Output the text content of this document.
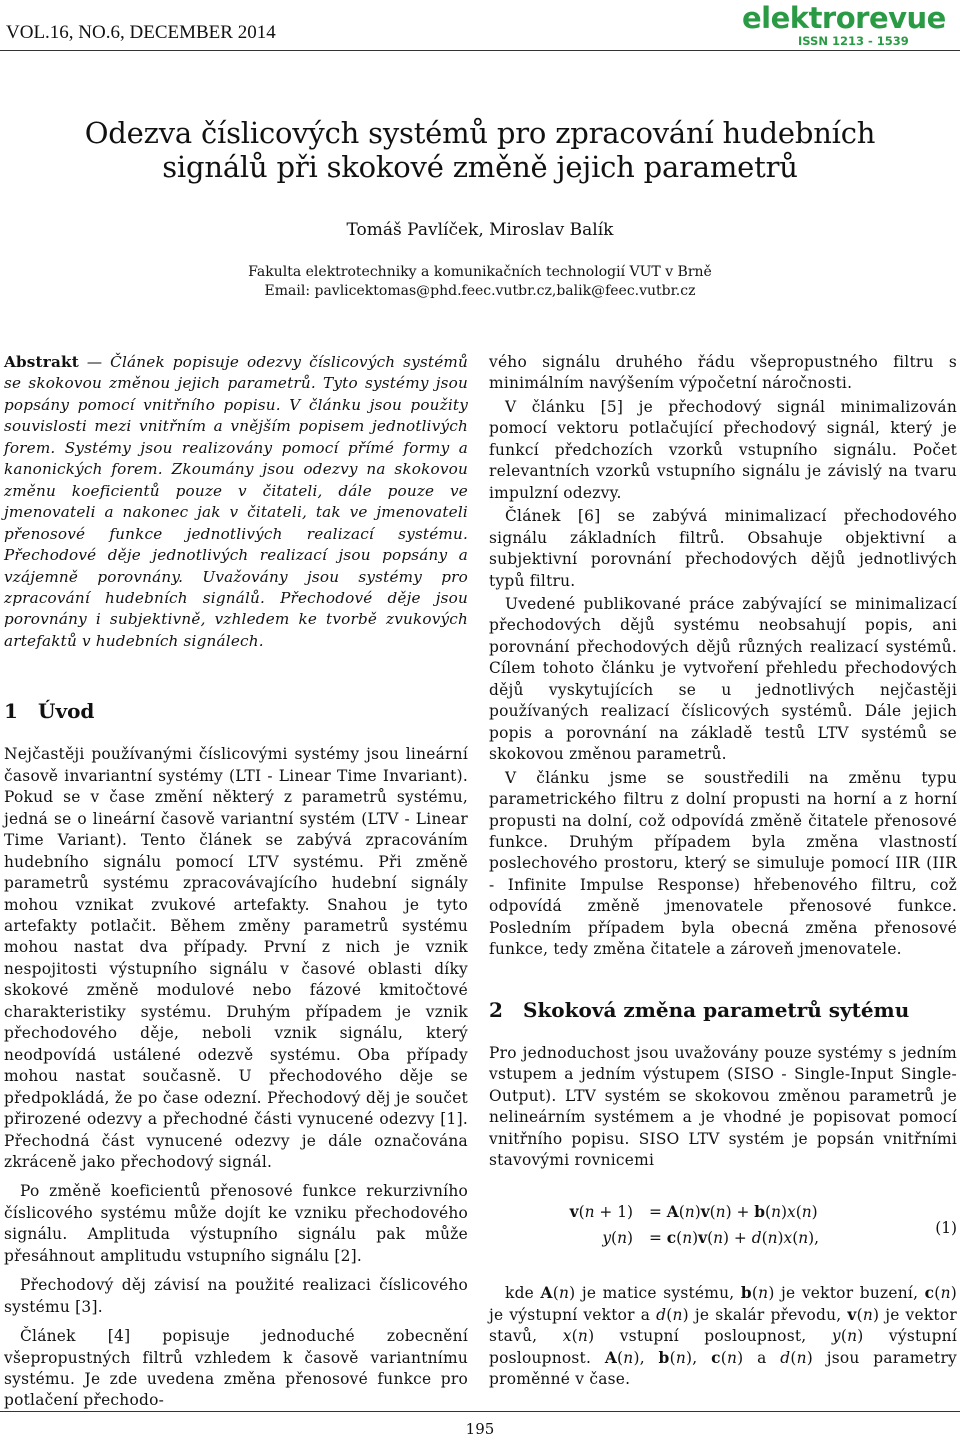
VOL.16, NO.6, DECEMBER 2014	elektrorevue
ISSN 1213 - 1539
Odezva číslicových systémů pro zpracování hudebních
signálů při skokové změně jejich parametrů
Tomáš Pavlíček, Miroslav Balík
Fakulta elektrotechniky a komunikačních technologií VUT v Brně
Email: pavlicektomas@phd.feec.vutbr.cz,balik@feec.vutbr.cz

Abstrakt — Článek popisuje odezvy číslicových systémů se skokovou změnou jejich parametrů. Tyto systémy jsou popsány pomocí vnitřního popisu. V článku jsou použity souvislosti mezi vnitřním a vnějším popisem jednotlivých forem. Systémy jsou realizovány pomocí přímé formy a kanonických forem. Zkoumány jsou odezvy na skokovou změnu koeficientů pouze v čitateli, dále pouze ve jmenovateli a nakonec jak v čitateli, tak ve jmenovateli přenosové funkce jednotlivých realizací systému. Přechodové děje jednotlivých realizací jsou popsány a vzájemně porovnány. Uvažovány jsou systémy pro zpracování hudebních signálů. Přechodové děje jsou porovnány i subjektivně, vzhledem ke tvorbě zvukových artefaktů v hudebních signálech.

1 Úvod

Nejčastěji používanými číslicovými systémy jsou lineární časově invariantní systémy (LTI - Linear Time Invariant). Pokud se v čase změní některý z parametrů systému, jedná se o lineární časově variantní systém (LTV - Linear Time Variant). Tento článek se zabývá zpracováním hudebního signálu pomocí LTV systému. Při změně parametrů systému zpracovávajícího hudební signály mohou vznikat zvukové artefakty. Snahou je tyto artefakty potlačit. Během změny parametrů systému mohou nastat dva případy. První z nich je vznik nespojitosti výstupního signálu v časové oblasti díky skokové změně modulové nebo fázové kmitočtové charakteristiky systému. Druhým případem je vznik přechodového děje, neboli vznik signálu, který neodpovídá ustálené odezvě systému. Oba případy mohou nastat současně. U přechodového děje se předpokládá, že po čase odezní. Přechodový děj je součet přirozené odezvy a přechodné části vynucené odezvy [1]. Přechodná část vynucené odezvy je dále označována zkráceně jako přechodový signál.

Po změně koeficientů přenosové funkce rekurzivního číslicového systému může dojít ke vzniku přechodového signálu. Amplituda výstupního signálu pak může přesáhnout amplitudu vstupního signálu [2].

Přechodový děj závisí na použité realizaci číslicového systému [3].

Článek [4] popisuje jednoduché zobecnění všepropustných filtrů vzhledem k časově variantnímu systému. Je zde uvedena změna přenosové funkce pro potlačení přechodo-

vého signálu druhého řádu všepropustného filtru s minimálním navýšením výpočetní náročnosti.

V článku [5] je přechodový signál minimalizován pomocí vektoru potlačující přechodový signál, který je funkcí předchozích vzorků vstupního signálu. Počet relevantních vzorků vstupního signálu je závislý na tvaru impulzní odezvy.

Článek [6] se zabývá minimalizací přechodového signálu základních filtrů. Obsahuje objektivní a subjektivní porovnání přechodových dějů jednotlivých typů filtru.

Uvedené publikované práce zabývající se minimalizací přechodových dějů systému neobsahují popis, ani porovnání přechodových dějů různých realizací systémů. Cílem tohoto článku je vytvoření přehledu přechodových dějů vyskytujících se u jednotlivých nejčastěji používaných realizací číslicových systémů. Dále jejich popis a porovnání na základě testů LTV systémů se skokovou změnou parametrů.

V článku jsme se soustředili na změnu typu parametrického filtru z dolní propusti na horní a z horní propusti na dolní, což odpovídá změně čitatele přenosové funkce. Druhým případem byla změna vlastností poslechového prostoru, který se simuluje pomocí IIR (IIR - Infinite Impulse Response) hřebenového filtru, což odpovídá změně jmenovatele přenosové funkce. Posledním případem byla obecná změna přenosové funkce, tedy změna čitatele a zároveň jmenovatele.

2 Skoková změna parametrů sytému

Pro jednoduchost jsou uvažovány pouze systémy s jedním vstupem a jedním výstupem (SISO - Single-Input Single-Output). LTV systém se skokovou změnou parametrů je nelineárním systémem a je vhodné je popisovat pomocí vnitřního popisu. SISO LTV systém je popsán vnitřními stavovými rovnicemi

v(n + 1) = A(n)v(n) + b(n)x(n)
y(n) = c(n)v(n) + d(n)x(n),
(1)

kde A(n) je matice systému, b(n) je vektor buzení, c(n) je výstupní vektor a d(n) je skalár převodu, v(n) je vektor stavů, x(n) vstupní posloupnost, y(n) výstupní posloupnost. A(n), b(n), c(n) a d(n) jsou parametry proměnné v čase.

195
